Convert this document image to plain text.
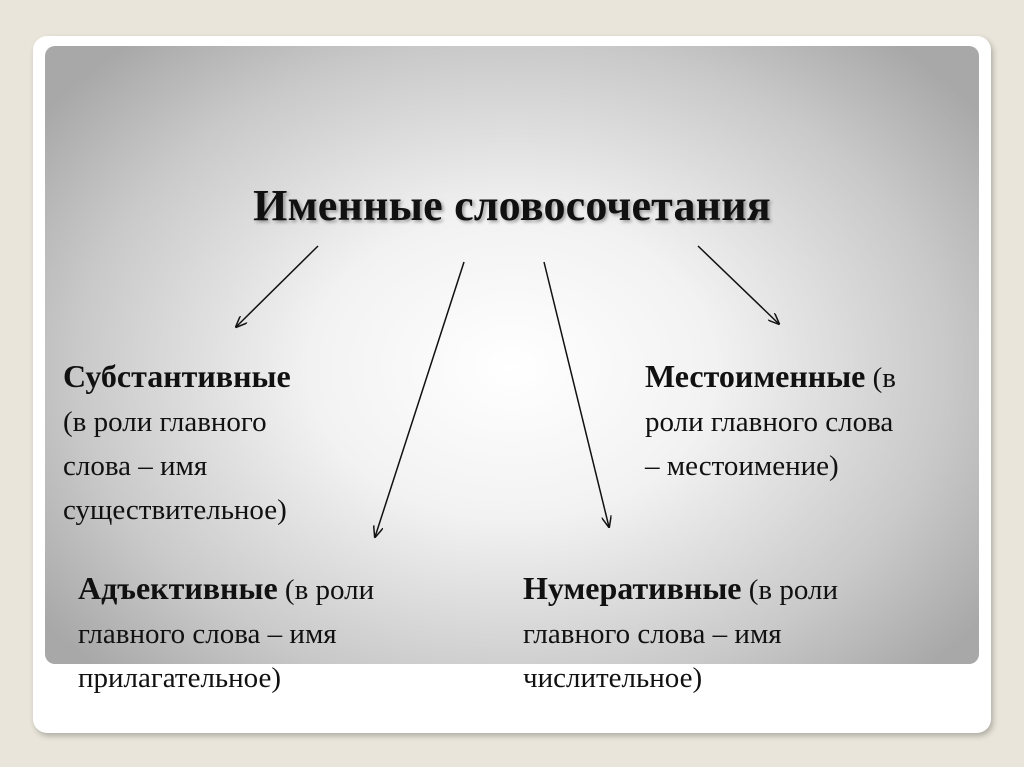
Именные словосочетания
Субстантивные
(в роли главного
слова – имя
существительное)
Местоименные (в
роли главного слова
– местоимение)
Адъективные (в роли
главного слова – имя
прилагательное)
Нумеративные (в роли
главного слова – имя
числительное)
